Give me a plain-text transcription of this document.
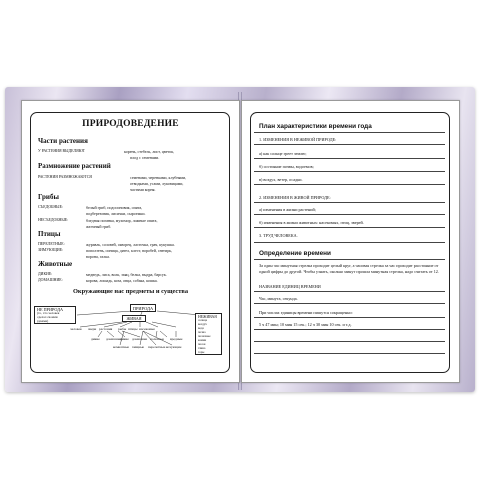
ПРИРОДОВЕДЕНИЕ
Части растения
У РАСТЕНИЯ ВЫДЕЛЯЮТ	корень, стебель, лист, цветок,
плод с семенами.
Размножение растений
РАСТЕНИЯ РАЗМНОЖАЮТСЯ	семенами, черенками, клубнями,
отводками, усами, луковицами,
частями корня.
Грибы
СЪЕДОБНЫЕ:	белый гриб, подосиновик, опята,
подберезовик, лисички, сыроежки.
НЕСЪЕДОБНЫЕ:	бледная поганка, мухомор, ложные опята,
желчный гриб.
Птицы
ПЕРЕЛЕТНЫЕ:	журавль, соловей, скворец, ласточка, грач, кукушка.
ЗИМУЮЩИЕ:	поползень, синица, дятел, клест, воробей, снегирь,
ворона, галка.
Животные
ДИКИЕ:	медведь, лиса, волк, заяц, белка, выдра, барсук.
ДОМАШНИЕ:	корова, лошадь, коза, овца, собака, кошка.
Окружающие нас предметы и существа
НЕ ПРИРОДА
(то, что человек
сделал своими
руками)
ПРИРОДА
ЖИВАЯ
человек звери растения рыбы птицы насекомые
дикие домашние
дикие домашние
комнатные
полезные вредные
хищные перелетные кочующие
НЕЖИВАЯ
солнце
воздух
вода
почва
полезные
камни
песок
глина
горы
План характеристики времени года
1. ИЗМЕНЕНИЯ В НЕЖИВОЙ ПРИРОДЕ:
а) как солнце греет землю;
б) состояние почвы, водоемов;
в) воздух, ветер, осадки.
2. ИЗМЕНЕНИЯ В ЖИВОЙ ПРИРОДЕ:
а) изменения в жизни растений;
б) изменения в жизни животных: насекомых, птиц, зверей.
3. ТРУД ЧЕЛОВЕКА.
Определение времени
За один час минутная стрелка проходит целый круг, а часовая стрелка за час проходит расстояние от одной цифры до другой. Чтобы узнать, сколько минут прошла минутная стрелка, надо считать от 12.
НАЗВАНИЕ ЕДИНИЦ ВРЕМЕНИ
Час, минута, секунда.
При числах единицы времени пишутся сокращенно:
5 ч 47 мин; 10 мин 15 сек.; 12 ч 30 мин 10 сек. и т.д.
